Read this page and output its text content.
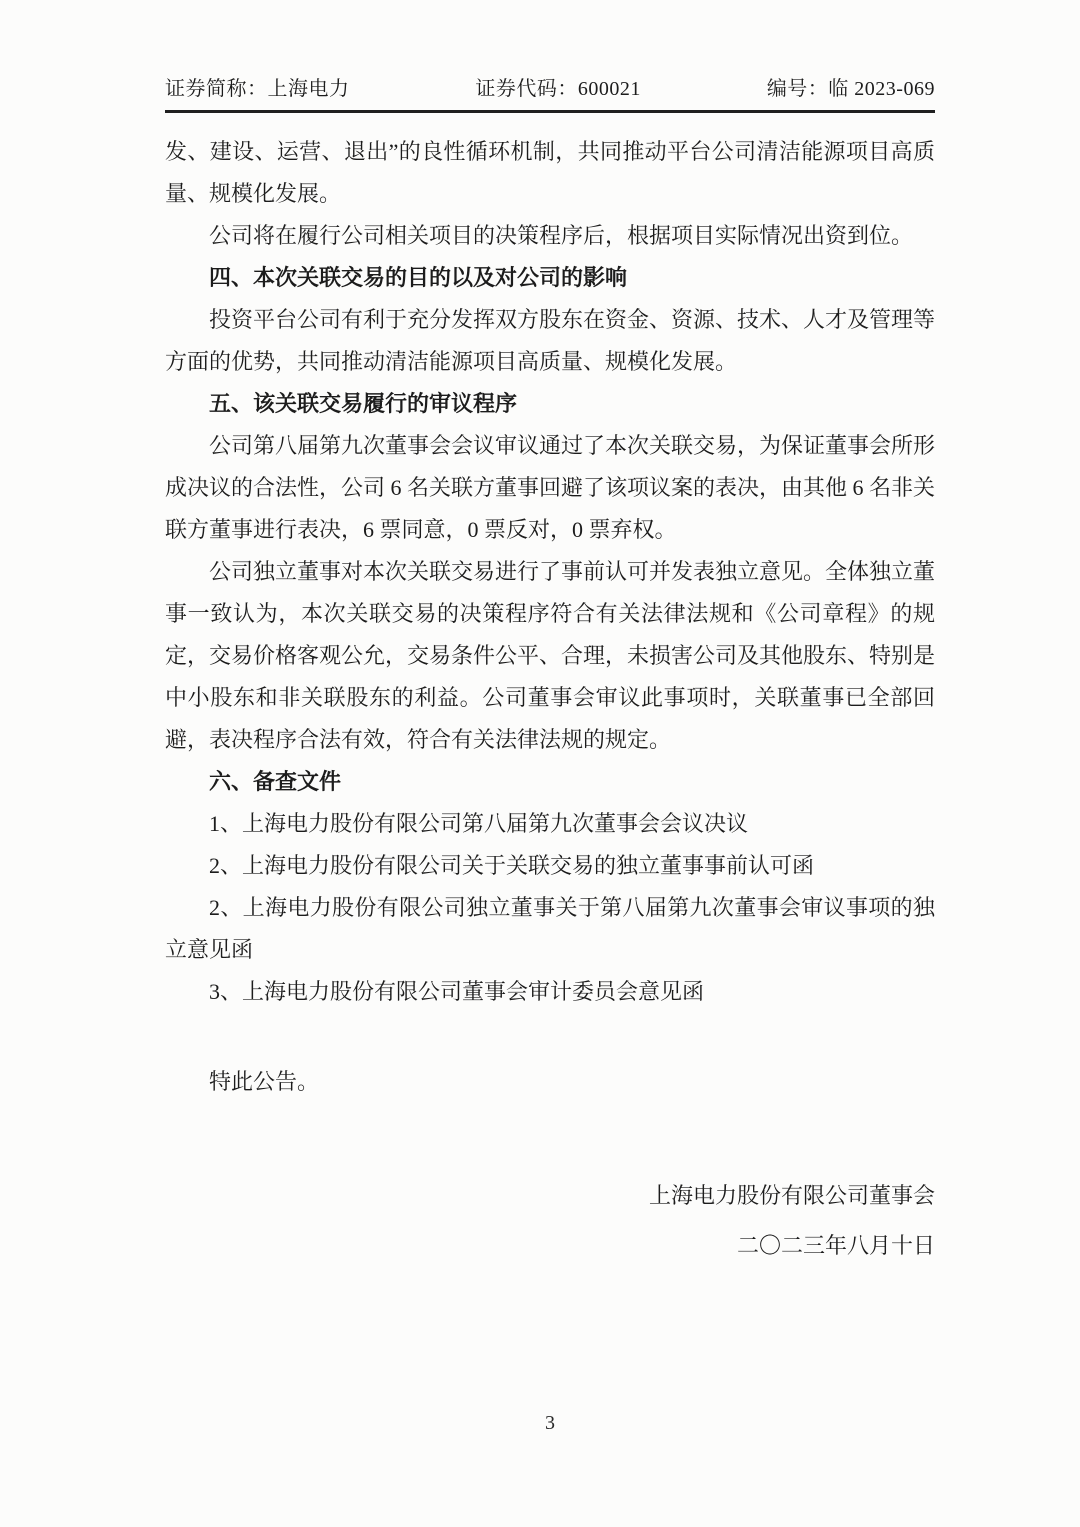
证券简称：上海电力	证券代码：600021	编号：临 2023-069

发、建设、运营、退出”的良性循环机制，共同推动平台公司清洁能源项目高质量、规模化发展。

公司将在履行公司相关项目的决策程序后，根据项目实际情况出资到位。

四、本次关联交易的目的以及对公司的影响

投资平台公司有利于充分发挥双方股东在资金、资源、技术、人才及管理等方面的优势，共同推动清洁能源项目高质量、规模化发展。

五、该关联交易履行的审议程序

公司第八届第九次董事会会议审议通过了本次关联交易，为保证董事会所形成决议的合法性，公司 6 名关联方董事回避了该项议案的表决，由其他 6 名非关联方董事进行表决，6 票同意，0 票反对，0 票弃权。

公司独立董事对本次关联交易进行了事前认可并发表独立意见。全体独立董事一致认为，本次关联交易的决策程序符合有关法律法规和《公司章程》的规定，交易价格客观公允，交易条件公平、合理，未损害公司及其他股东、特别是中小股东和非关联股东的利益。公司董事会审议此事项时，关联董事已全部回避，表决程序合法有效，符合有关法律法规的规定。

六、备查文件

1、上海电力股份有限公司第八届第九次董事会会议决议

2、上海电力股份有限公司关于关联交易的独立董事事前认可函

2、上海电力股份有限公司独立董事关于第八届第九次董事会审议事项的独立意见函

3、上海电力股份有限公司董事会审计委员会意见函

特此公告。

上海电力股份有限公司董事会

二〇二三年八月十日

3
